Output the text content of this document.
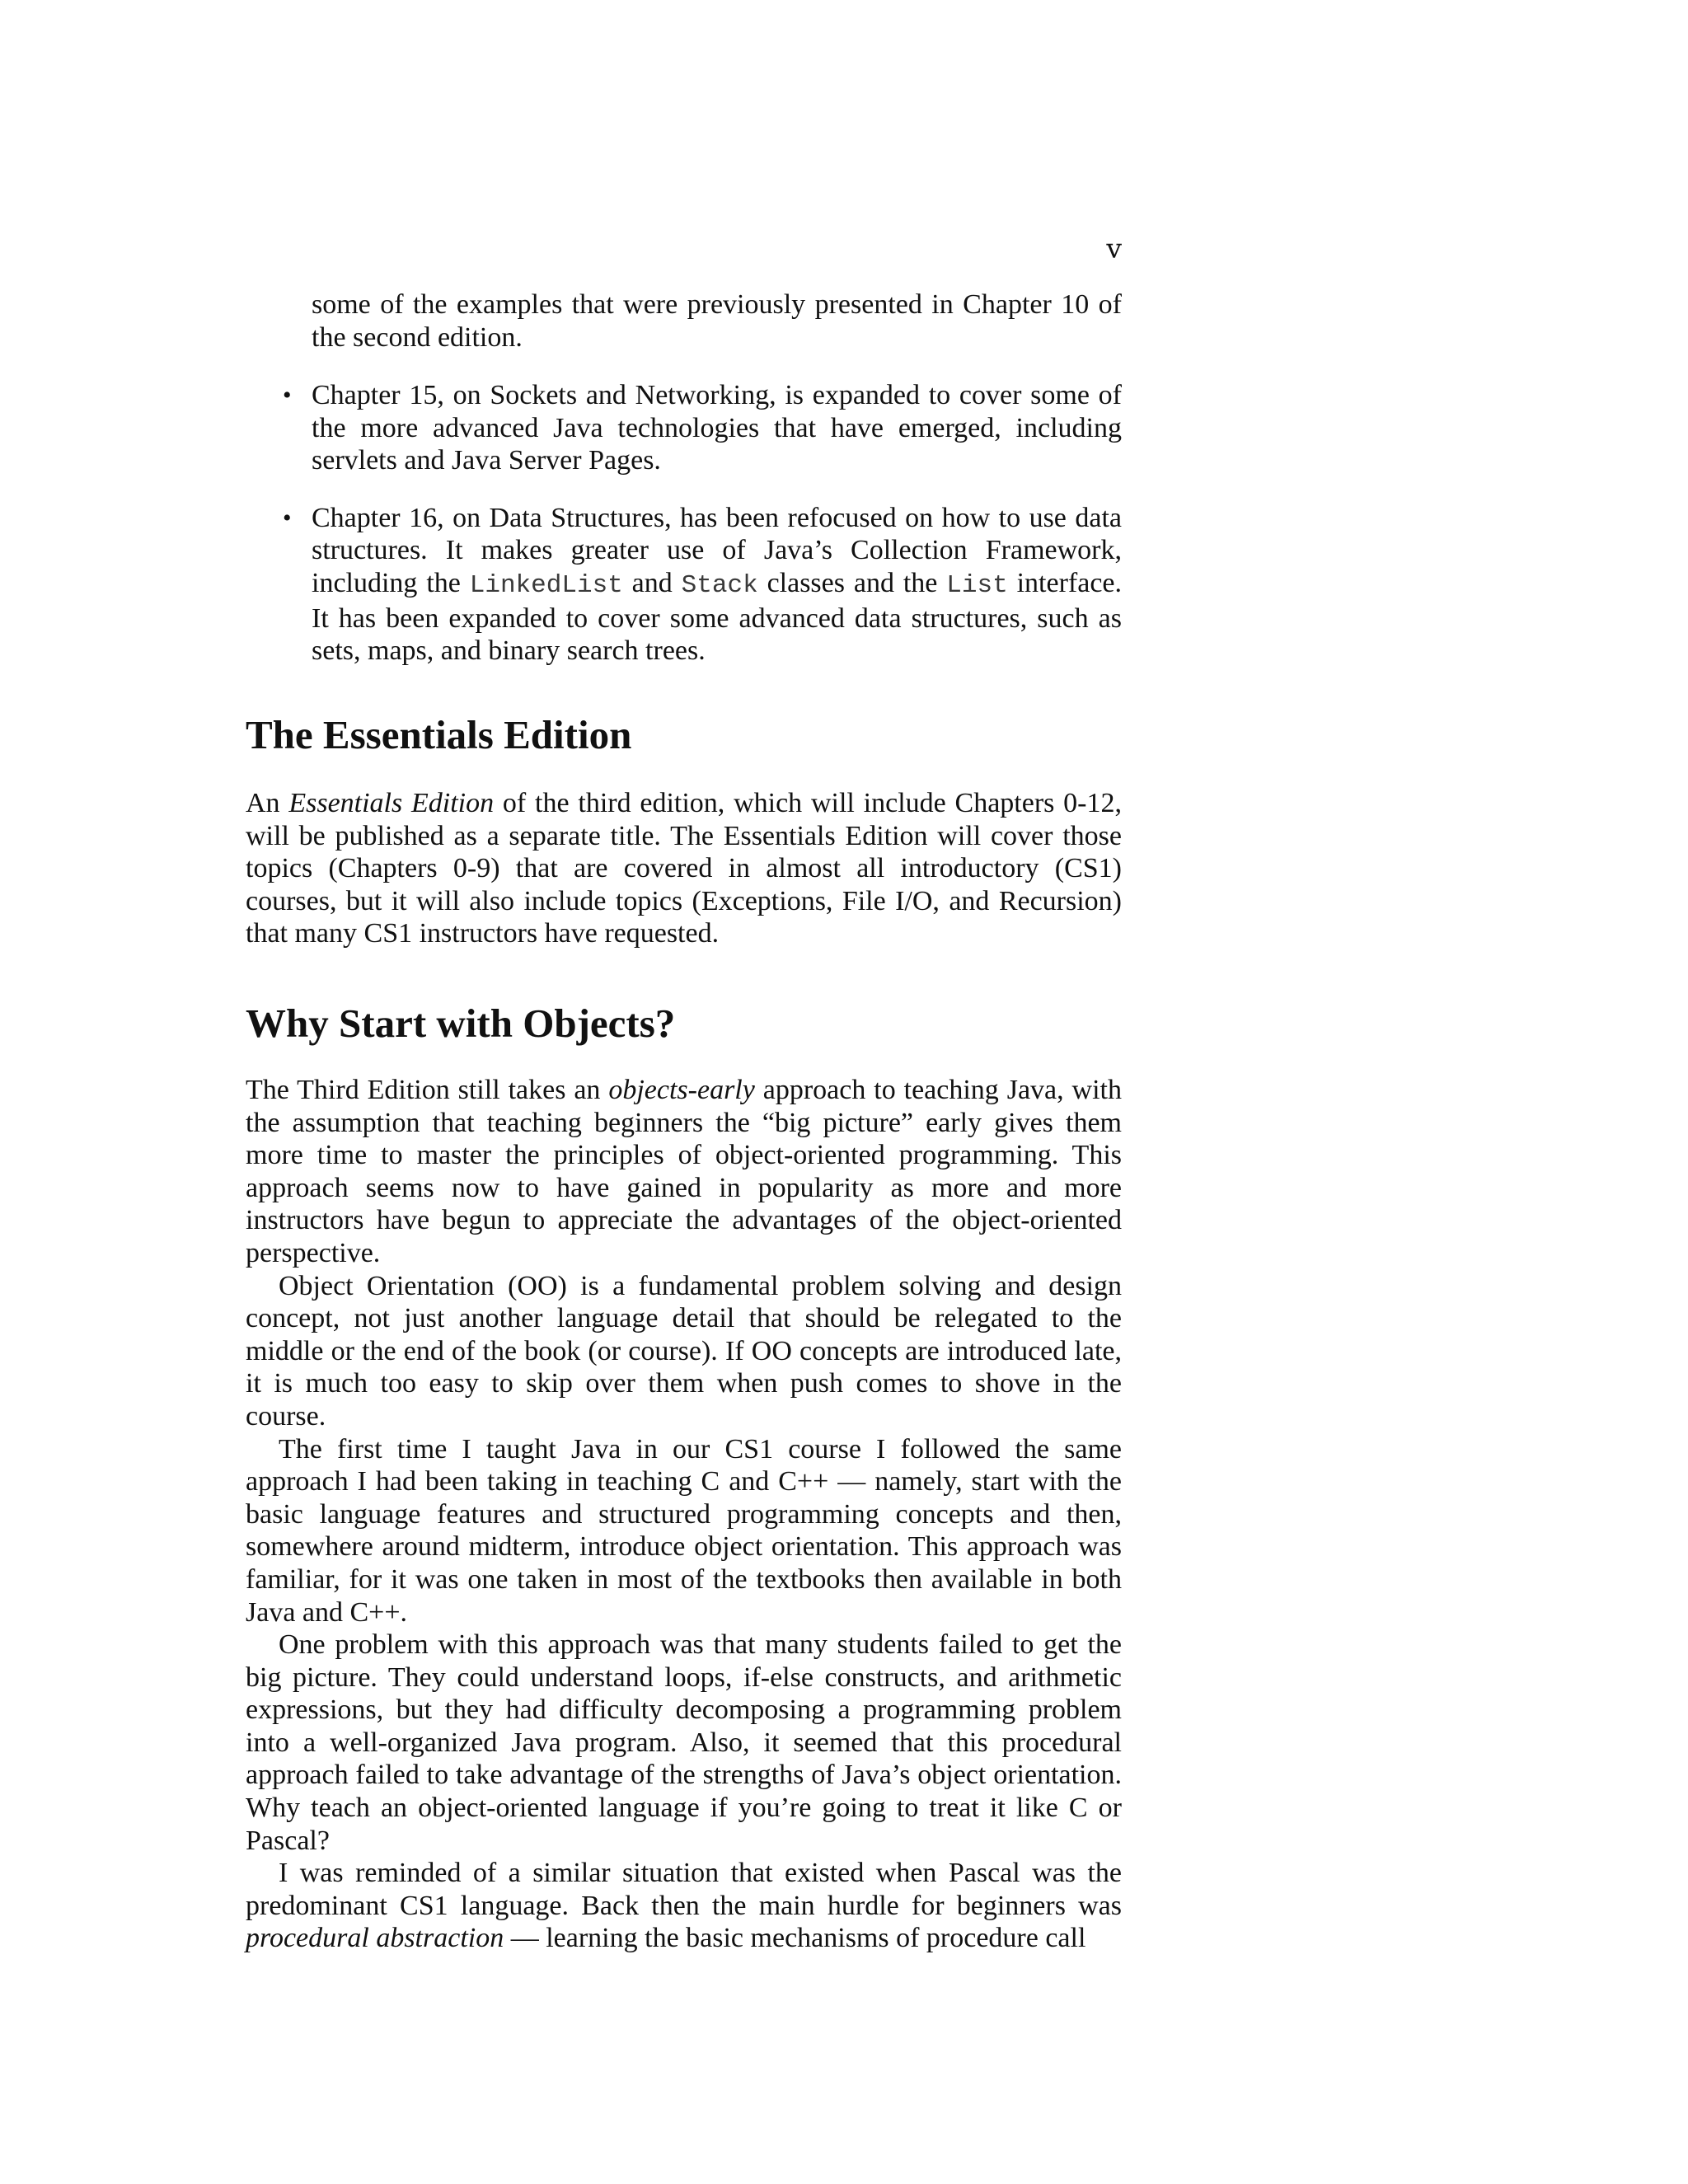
v

some of the examples that were previously presented in Chapter 10 of the second edition.

• Chapter 15, on Sockets and Networking, is expanded to cover some of the more advanced Java technologies that have emerged, including servlets and Java Server Pages.
• Chapter 16, on Data Structures, has been refocused on how to use data structures. It makes greater use of Java’s Collection Framework, including the LinkedList and Stack classes and the List interface. It has been expanded to cover some advanced data structures, such as sets, maps, and binary search trees.
The Essentials Edition

An Essentials Edition of the third edition, which will include Chapters 0-12, will be published as a separate title. The Essentials Edition will cover those topics (Chapters 0-9) that are covered in almost all introductory (CS1) courses, but it will also include topics (Exceptions, File I/O, and Recursion) that many CS1 instructors have requested.

Why Start with Objects?

The Third Edition still takes an objects-early approach to teaching Java, with the assumption that teaching beginners the “big picture” early gives them more time to master the principles of object-oriented programming. This approach seems now to have gained in popularity as more and more instructors have begun to appreciate the advantages of the object-oriented perspective.

Object Orientation (OO) is a fundamental problem solving and design concept, not just another language detail that should be relegated to the middle or the end of the book (or course). If OO concepts are introduced late, it is much too easy to skip over them when push comes to shove in the course.

The first time I taught Java in our CS1 course I followed the same approach I had been taking in teaching C and C++ — namely, start with the basic language features and structured programming concepts and then, somewhere around midterm, introduce object orientation. This approach was familiar, for it was one taken in most of the textbooks then available in both Java and C++.

One problem with this approach was that many students failed to get the big picture. They could understand loops, if-else constructs, and arithmetic expressions, but they had difficulty decomposing a programming problem into a well-organized Java program. Also, it seemed that this procedural approach failed to take advantage of the strengths of Java’s object orientation. Why teach an object-oriented language if you’re going to treat it like C or Pascal?

I was reminded of a similar situation that existed when Pascal was the predominant CS1 language. Back then the main hurdle for beginners was procedural abstraction — learning the basic mechanisms of procedure call
